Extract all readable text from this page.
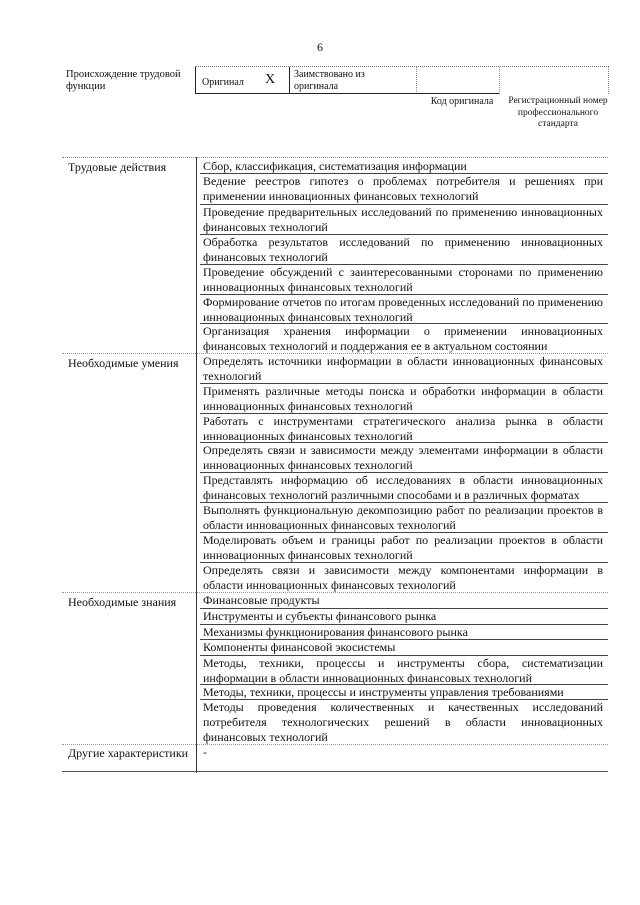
6
Происхождение трудовой функции	Оригинал X Заимствовано из оригинала
Код оригинала	Регистрационный номер профессионального стандарта
Трудовые действия	Сбор, классификация, систематизация информации
Ведение реестров гипотез о проблемах потребителя и решениях при применении инновационных финансовых технологий
Проведение предварительных исследований по применению инновационных финансовых технологий
Обработка результатов исследований по применению инновационных финансовых технологий
Проведение обсуждений с заинтересованными сторонами по применению инновационных финансовых технологий
Формирование отчетов по итогам проведенных исследований по применению инновационных финансовых технологий
Организация хранения информации о применении инновационных финансовых технологий и поддержания ее в актуальном состоянии
Необходимые умения	Определять источники информации в области инновационных финансовых технологий
Применять различные методы поиска и обработки информации в области инновационных финансовых технологий
Работать с инструментами стратегического анализа рынка в области инновационных финансовых технологий
Определять связи и зависимости между элементами информации в области инновационных финансовых технологий
Представлять информацию об исследованиях в области инновационных финансовых технологий различными способами и в различных форматах
Выполнять функциональную декомпозицию работ по реализации проектов в области инновационных финансовых технологий
Моделировать объем и границы работ по реализации проектов в области инновационных финансовых технологий
Определять связи и зависимости между компонентами информации в области инновационных финансовых технологий
Необходимые знания	Финансовые продукты
Инструменты и субъекты финансового рынка
Механизмы функционирования финансового рынка
Компоненты финансовой экосистемы
Методы, техники, процессы и инструменты сбора, систематизации информации в области инновационных финансовых технологий
Методы, техники, процессы и инструменты управления требованиями
Методы проведения количественных и качественных исследований потребителя технологических решений в области инновационных финансовых технологий
Другие характеристики	-
